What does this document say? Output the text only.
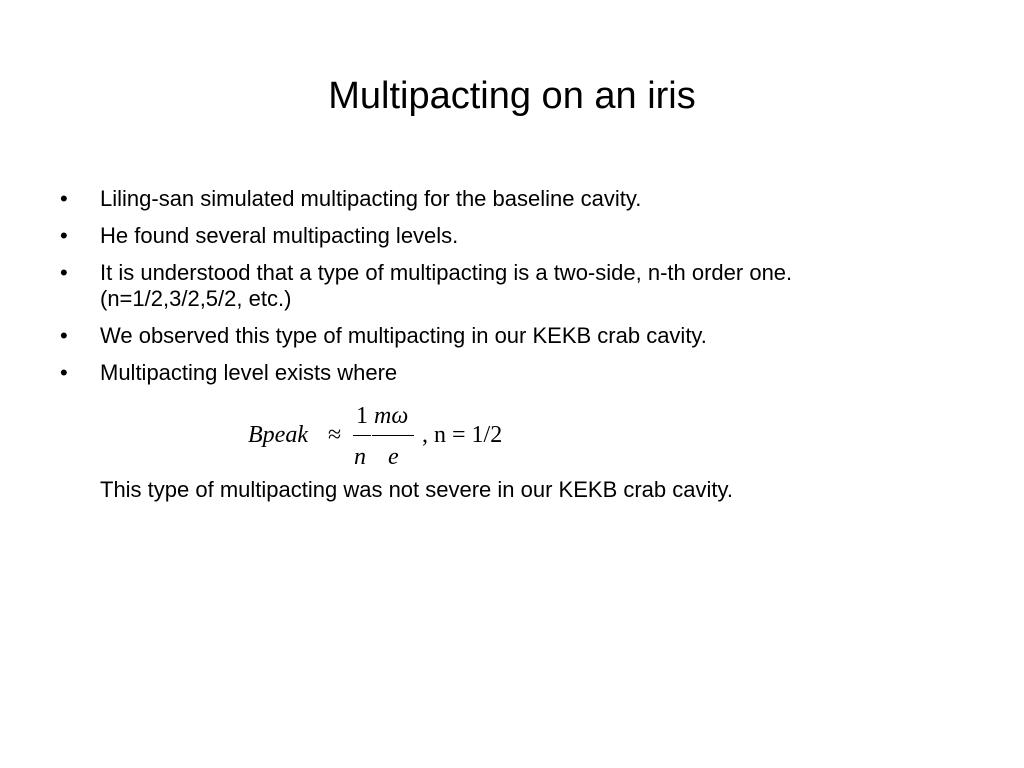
Multipacting on an iris
• Liling-san simulated multipacting for the baseline cavity.
• He found several multipacting levels.
• It is understood that a type of multipacting is a two-side, n-th order one.
(n=1/2,3/2,5/2, etc.)
• We observed this type of multipacting in our KEKB crab cavity.
• Multipacting level exists where
Bpeak ≈
1
n
mω
e
, n = 1/2

This type of multipacting was not severe in our KEKB crab cavity.
